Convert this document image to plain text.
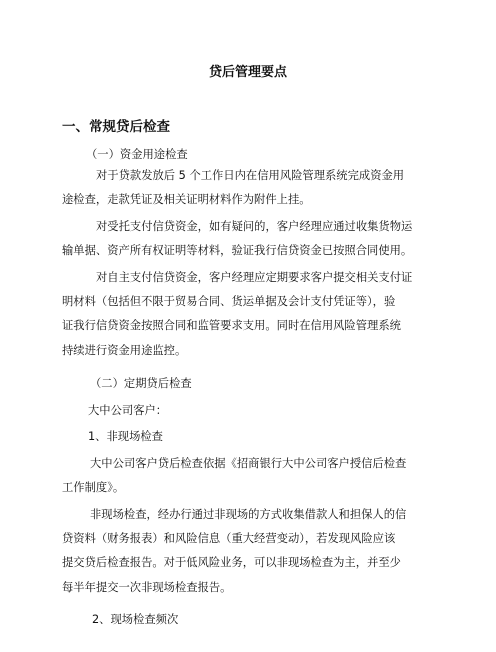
贷后管理要点
一、常规贷后检查
（一）资金用途检查
对于贷款发放后 5 个工作日内在信用风险管理系统完成资金用
途检查，走款凭证及相关证明材料作为附件上挂。
对受托支付信贷资金，如有疑问的，客户经理应通过收集货物运
输单据、资产所有权证明等材料，验证我行信贷资金已按照合同使用。
对自主支付信贷资金，客户经理应定期要求客户提交相关支付证
明材料（包括但不限于贸易合同、货运单据及会计支付凭证等），验
证我行信贷资金按照合同和监管要求支用。同时在信用风险管理系统
持续进行资金用途监控。
（二）定期贷后检查
大中公司客户：
1、非现场检查
大中公司客户贷后检查依据《招商银行大中公司客户授信后检查
工作制度》。
非现场检查，经办行通过非现场的方式收集借款人和担保人的信
贷资料（财务报表）和风险信息（重大经营变动），若发现风险应该
提交贷后检查报告。对于低风险业务，可以非现场检查为主，并至少
每半年提交一次非现场检查报告。
2、现场检查频次
